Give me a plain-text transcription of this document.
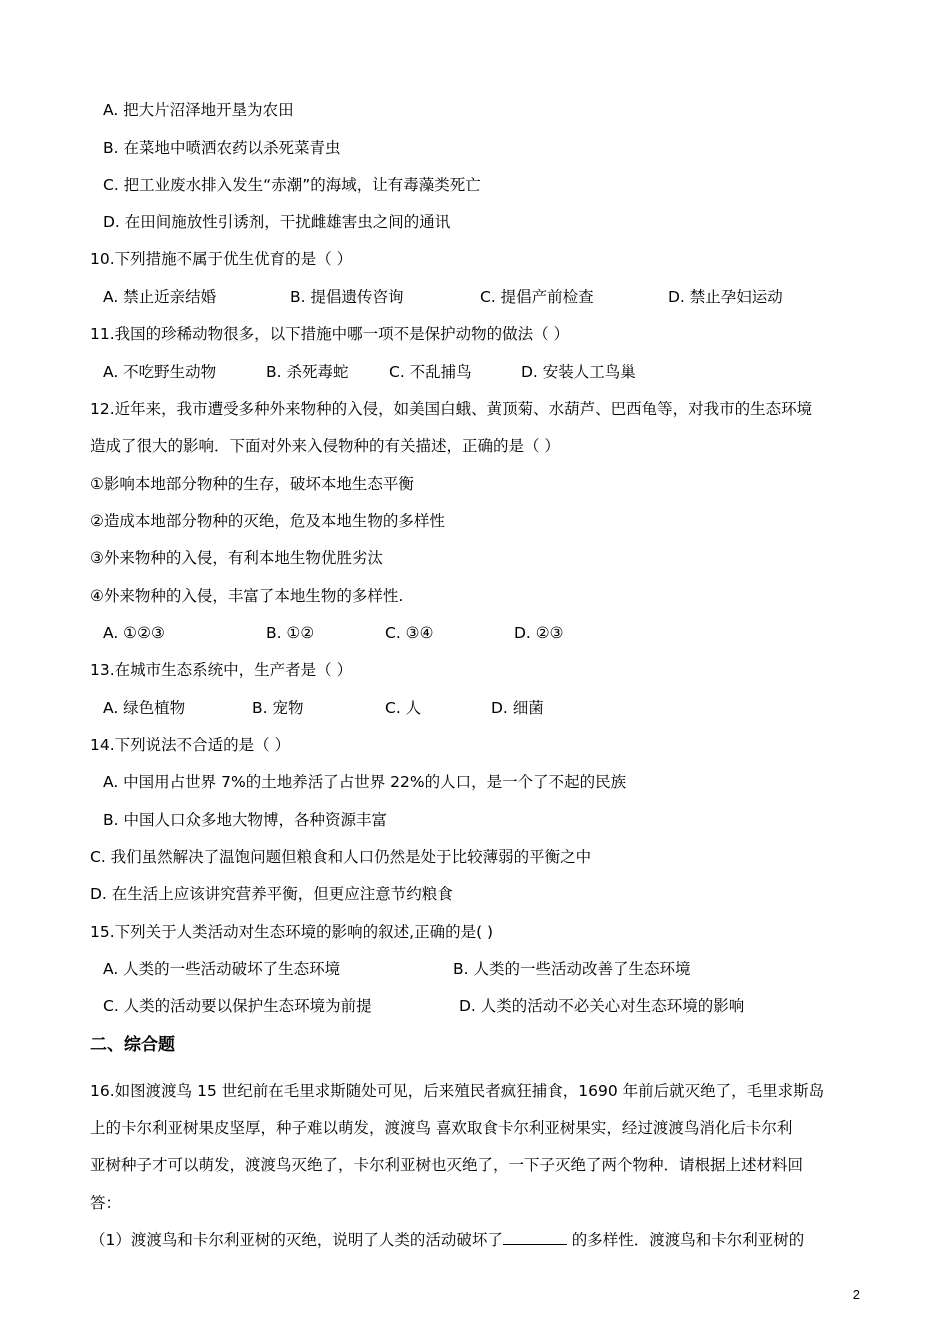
A. 把大片沼泽地开垦为农田
B. 在菜地中喷洒农药以杀死菜青虫
C. 把工业废水排入发生“赤潮”的海域，让有毒藻类死亡
D. 在田间施放性引诱剂，干扰雌雄害虫之间的通讯
10.下列措施不属于优生优育的是（ ）
A. 禁止近亲结婚	B. 提倡遗传咨询	C. 提倡产前检查	D. 禁止孕妇运动
11.我国的珍稀动物很多，以下措施中哪一项不是保护动物的做法（ ）
A. 不吃野生动物	B. 杀死毒蛇	C. 不乱捕鸟	D. 安装人工鸟巢
12.近年来，我市遭受多种外来物种的入侵，如美国白蛾、黄顶菊、水葫芦、巴西龟等，对我市的生态环境
造成了很大的影响．下面对外来入侵物种的有关描述，正确的是（ ）
①影响本地部分物种的生存，破坏本地生态平衡
②造成本地部分物种的灭绝，危及本地生物的多样性
③外来物种的入侵，有利本地生物优胜劣汰
④外来物种的入侵，丰富了本地生物的多样性.
A. ①②③	B. ①②	C. ③④	D. ②③
13.在城市生态系统中，生产者是（ ）
A. 绿色植物	B. 宠物	C. 人	D. 细菌
14.下列说法不合适的是（ ）
A. 中国用占世界 7%的土地养活了占世界 22%的人口，是一个了不起的民族
B. 中国人口众多地大物博，各种资源丰富
C. 我们虽然解决了温饱问题但粮食和人口仍然是处于比较薄弱的平衡之中
D. 在生活上应该讲究营养平衡，但更应注意节约粮食
15.下列关于人类活动对生态环境的影响的叙述,正确的是( )
A. 人类的一些活动破坏了生态环境	B. 人类的一些活动改善了生态环境
C. 人类的活动要以保护生态环境为前提	D. 人类的活动不必关心对生态环境的影响
二、综合题
16.如图渡渡鸟 15 世纪前在毛里求斯随处可见，后来殖民者疯狂捕食，1690 年前后就灭绝了，毛里求斯岛
上的卡尔利亚树果皮坚厚，种子难以萌发，渡渡鸟 喜欢取食卡尔利亚树果实，经过渡渡鸟消化后卡尔利
亚树种子才可以萌发，渡渡鸟灭绝了，卡尔利亚树也灭绝了，一下子灭绝了两个物种．请根据上述材料回
答：
（1）渡渡鸟和卡尔利亚树的灭绝，说明了人类的活动破坏了	的多样性．渡渡鸟和卡尔利亚树的
2
